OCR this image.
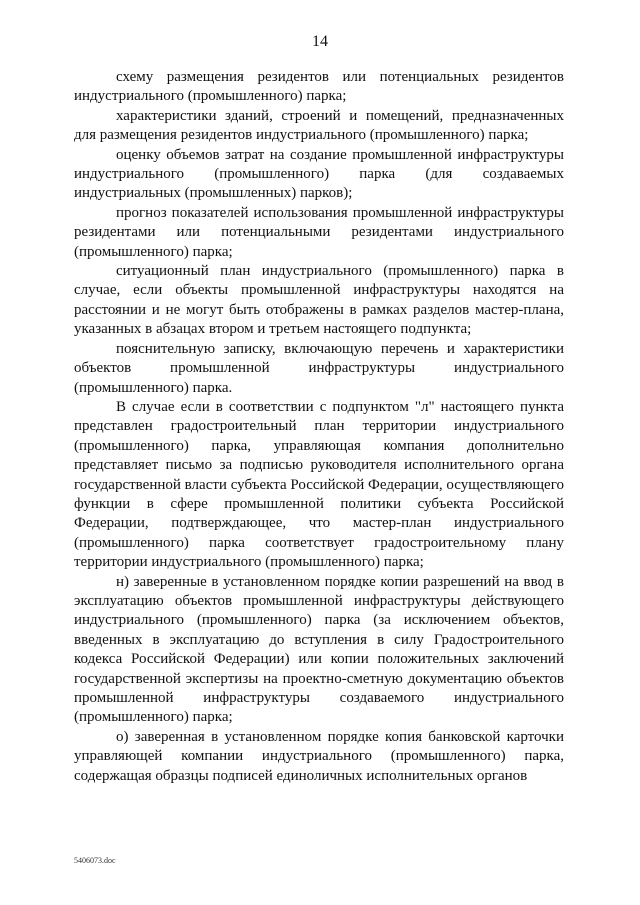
14

схему размещения резидентов или потенциальных резидентов индустриального (промышленного) парка;

характеристики зданий, строений и помещений, предназначенных для размещения резидентов индустриального (промышленного) парка;

оценку объемов затрат на создание промышленной инфраструктуры индустриального (промышленного) парка (для создаваемых индустриальных (промышленных) парков);

прогноз показателей использования промышленной инфраструктуры резидентами или потенциальными резидентами индустриального (промышленного) парка;

ситуационный план индустриального (промышленного) парка в случае, если объекты промышленной инфраструктуры находятся на расстоянии и не могут быть отображены в рамках разделов мастер-плана, указанных в абзацах втором и третьем настоящего подпункта;

пояснительную записку, включающую перечень и характеристики объектов промышленной инфраструктуры индустриального (промышленного) парка.

В случае если в соответствии с подпунктом "л" настоящего пункта представлен градостроительный план территории индустриального (промышленного) парка, управляющая компания дополнительно представляет письмо за подписью руководителя исполнительного органа государственной власти субъекта Российской Федерации, осуществляющего функции в сфере промышленной политики субъекта Российской Федерации, подтверждающее, что мастер-план индустриального (промышленного) парка соответствует градостроительному плану территории индустриального (промышленного) парка;

н) заверенные в установленном порядке копии разрешений на ввод в эксплуатацию объектов промышленной инфраструктуры действующего индустриального (промышленного) парка (за исключением объектов, введенных в эксплуатацию до вступления в силу Градостроительного кодекса Российской Федерации) или копии положительных заключений государственной экспертизы на проектно-сметную документацию объектов промышленной инфраструктуры создаваемого индустриального (промышленного) парка;

о) заверенная в установленном порядке копия банковской карточки управляющей компании индустриального (промышленного) парка, содержащая образцы подписей единоличных исполнительных органов

5406073.doc
